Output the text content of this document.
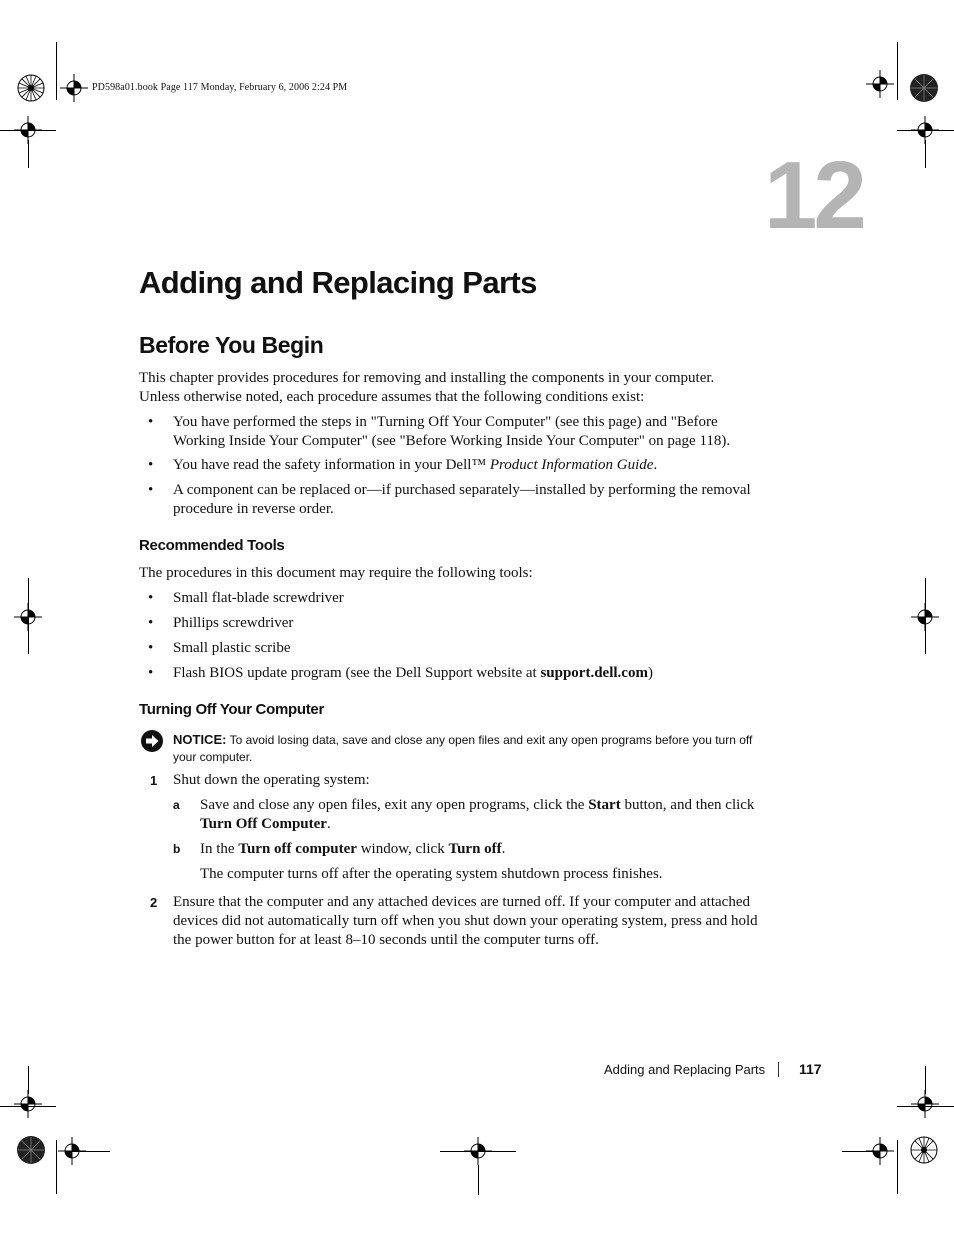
PD598a01.book Page 117 Monday, February 6, 2006 2:24 PM
12
Adding and Replacing Parts
Before You Begin
This chapter provides procedures for removing and installing the components in your computer.
Unless otherwise noted, each procedure assumes that the following conditions exist:
• You have performed the steps in "Turning Off Your Computer" (see this page) and "Before
Working Inside Your Computer" (see "Before Working Inside Your Computer" on page 118).
• You have read the safety information in your Dell™ Product Information Guide.
• A component can be replaced or—if purchased separately—installed by performing the removal
procedure in reverse order.
Recommended Tools
The procedures in this document may require the following tools:
• Small flat-blade screwdriver
• Phillips screwdriver
• Small plastic scribe
• Flash BIOS update program (see the Dell Support website at support.dell.com)
Turning Off Your Computer
NOTICE: To avoid losing data, save and close any open files and exit any open programs before you turn off
your computer.
1 Shut down the operating system:
a Save and close any open files, exit any open programs, click the Start button, and then click
Turn Off Computer.
b In the Turn off computer window, click Turn off.
The computer turns off after the operating system shutdown process finishes.
2 Ensure that the computer and any attached devices are turned off. If your computer and attached
devices did not automatically turn off when you shut down your operating system, press and hold
the power button for at least 8–10 seconds until the computer turns off.
Adding and Replacing Parts 117
